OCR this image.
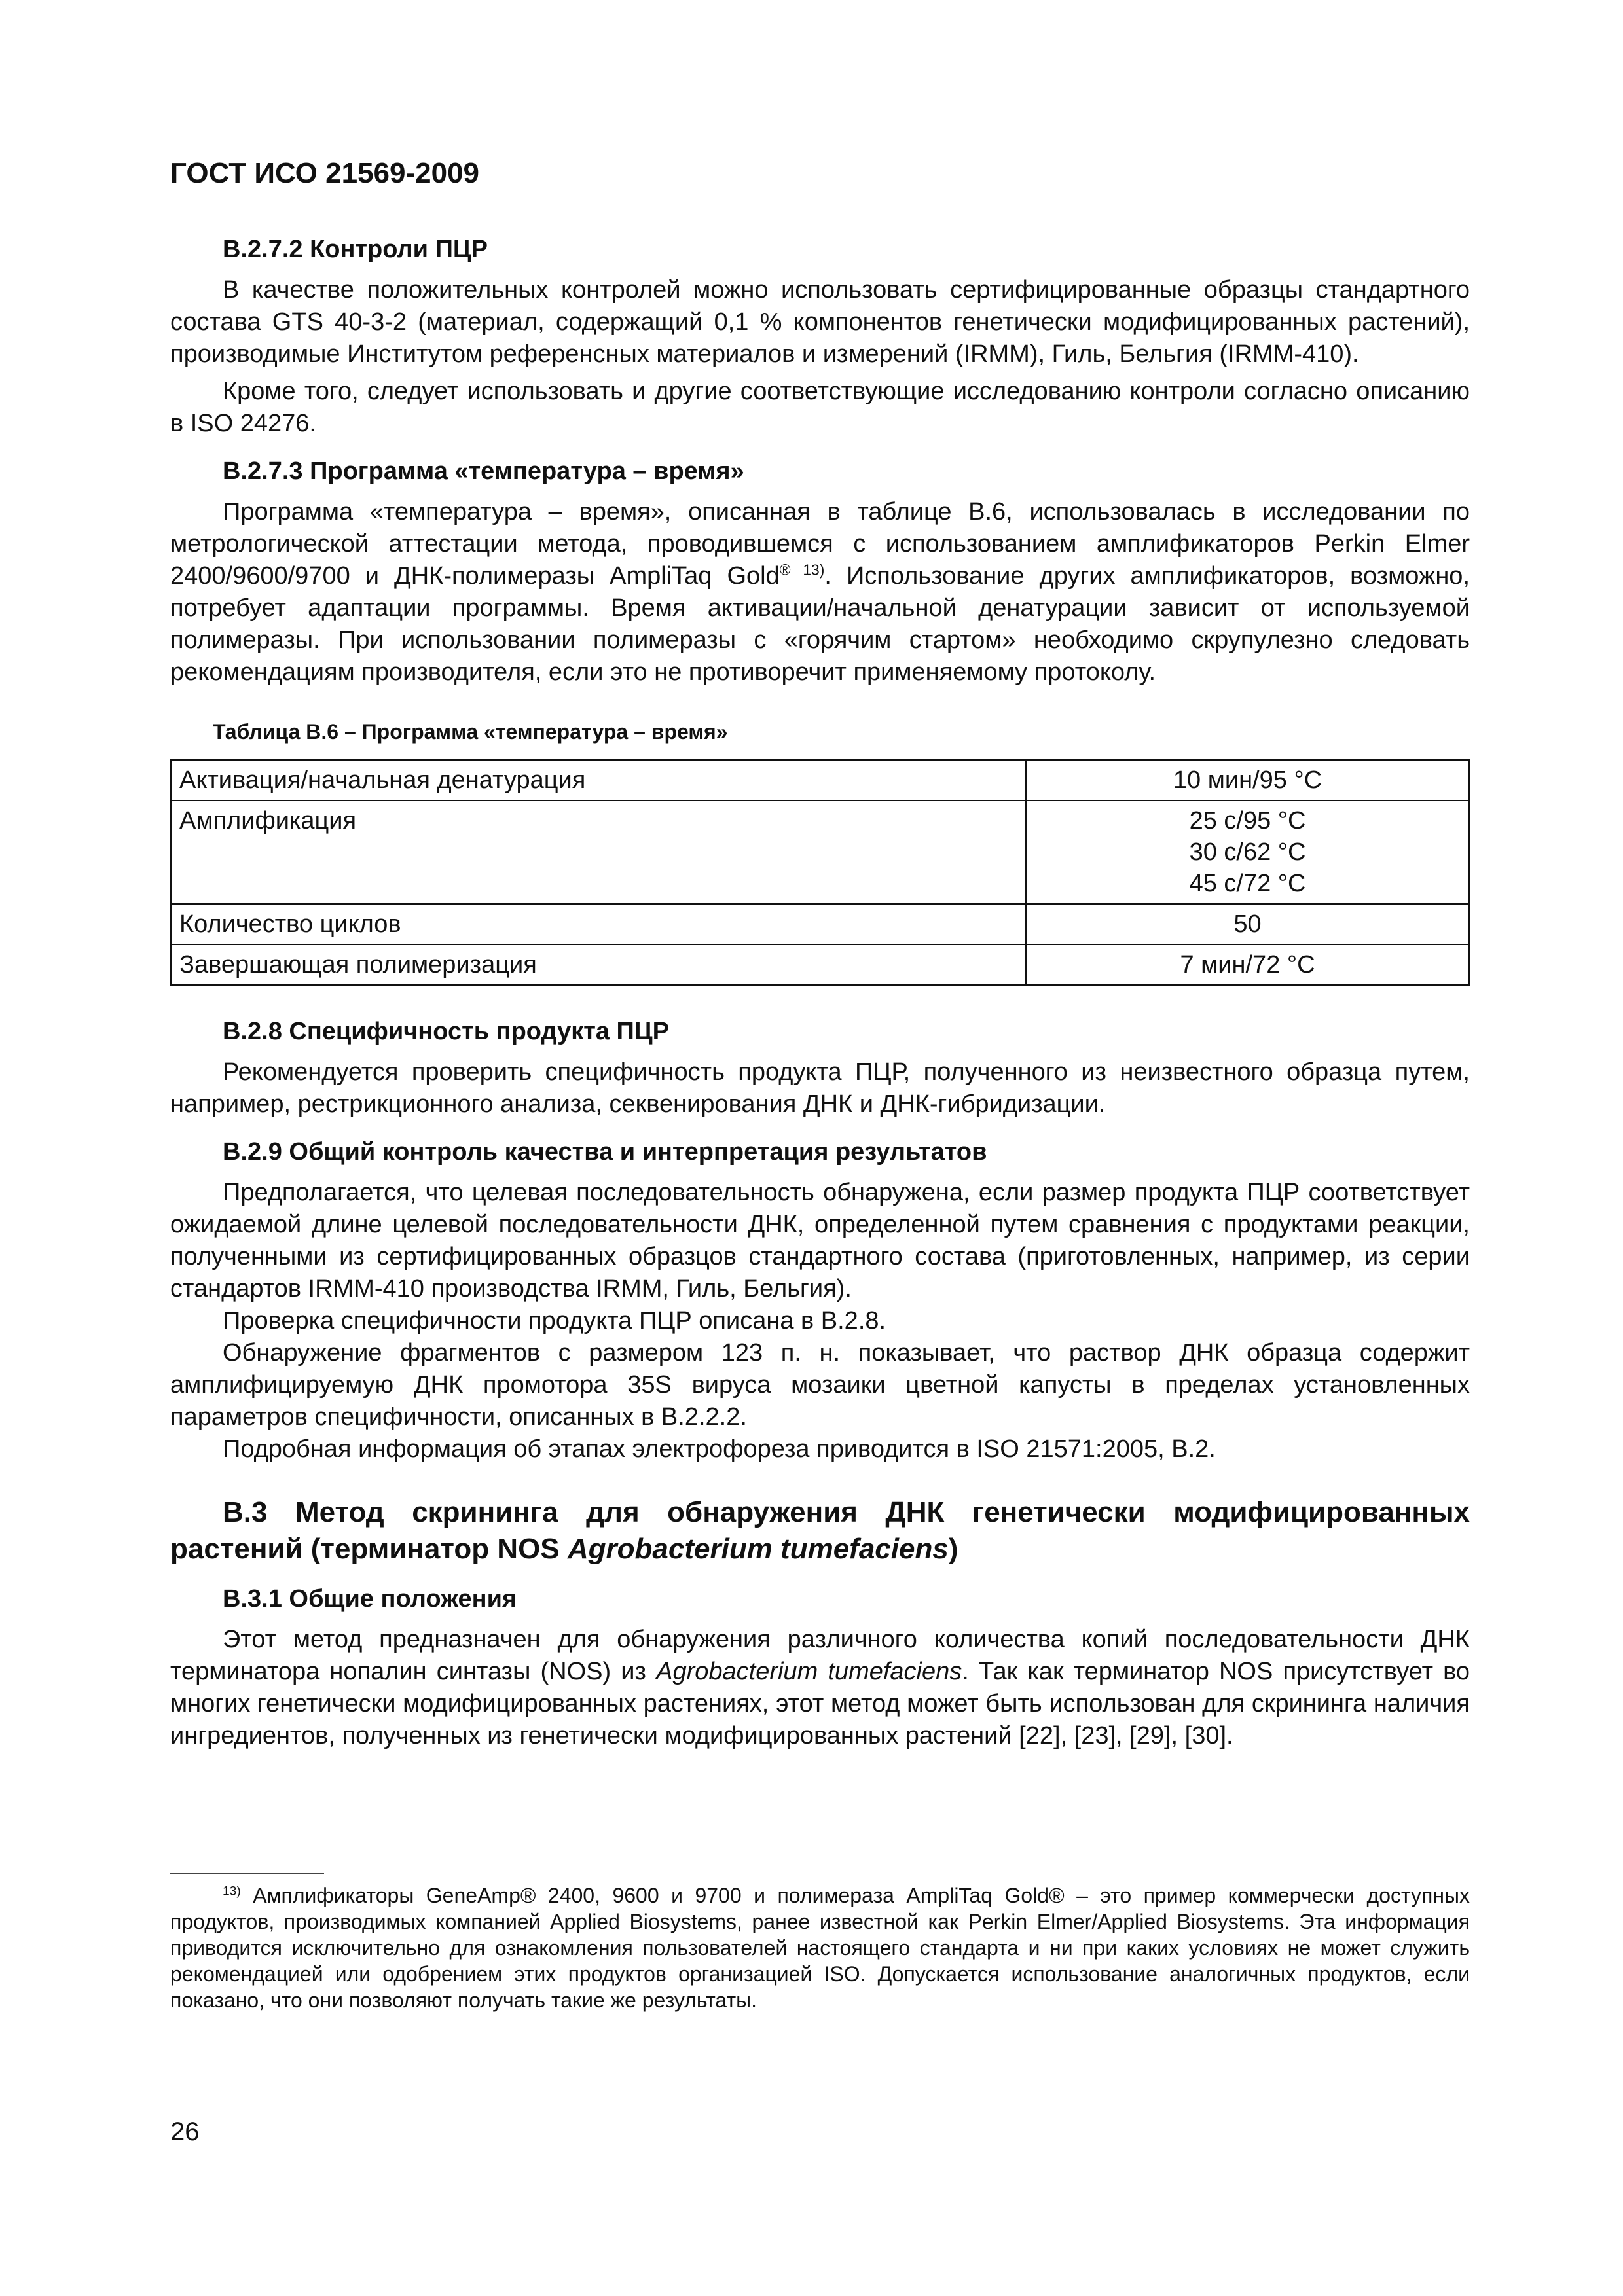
ГОСТ ИСО 21569-2009
В.2.7.2 Контроли ПЦР

В качестве положительных контролей можно использовать сертифицированные образцы стандартного состава GTS 40-3-2 (материал, содержащий 0,1 % компонентов генетически модифицированных растений), производимые Институтом референсных материалов и измерений (IRMM), Гиль, Бельгия (IRMM-410).

Кроме того, следует использовать и другие соответствующие исследованию контроли согласно описанию в ISO 24276.

В.2.7.3 Программа «температура – время»

Программа «температура – время», описанная в таблице В.6, использовалась в исследовании по метрологической аттестации метода, проводившемся с использованием амплификаторов Perkin Elmer 2400/9600/9700 и ДНК-полимеразы AmpliTaq Gold$^{® 13)}$. Использование других амплификаторов, возможно, потребует адаптации программы. Время активации/начальной денатурации зависит от используемой полимеразы. При использовании полимеразы с «горячим стартом» необходимо скрупулезно следовать рекомендациям производителя, если это не противоречит применяемому протоколу.

Таблица В.6 – Программа «температура – время»
Активация/начальная денатурация	10 мин/95 °С

Амплификация	25 с/95 °С
30 с/62 °С
45 с/72 °С

Количество циклов	50

Завершающая полимеризация	7 мин/72 °С
В.2.8 Специфичность продукта ПЦР

Рекомендуется проверить специфичность продукта ПЦР, полученного из неизвестного образца путем, например, рестрикционного анализа, секвенирования ДНК и ДНК-гибридизации.

В.2.9 Общий контроль качества и интерпретация результатов

Предполагается, что целевая последовательность обнаружена, если размер продукта ПЦР соответствует ожидаемой длине целевой последовательности ДНК, определенной путем сравнения с продуктами реакции, полученными из сертифицированных образцов стандартного состава (приготовленных, например, из серии стандартов IRMM-410 производства IRMM, Гиль, Бельгия).

Проверка специфичности продукта ПЦР описана в В.2.8.

Обнаружение фрагментов с размером 123 п. н. показывает, что раствор ДНК образца содержит амплифицируемую ДНК промотора 35S вируса мозаики цветной капусты в пределах установленных параметров специфичности, описанных в В.2.2.2.

Подробная информация об этапах электрофореза приводится в ISO 21571:2005, В.2.

В.3 Метод скрининга для обнаружения ДНК генетически модифицированных растений (терминатор NOS Agrobacterium tumefaciens)
В.3.1 Общие положения

Этот метод предназначен для обнаружения различного количества копий последовательности ДНК терминатора нопалин синтазы (NOS) из Agrobacterium tumefaciens. Так как терминатор NOS присутствует во многих генетически модифицированных растениях, этот метод может быть использован для скрининга наличия ингредиентов, полученных из генетически модифицированных растений [22], [23], [29], [30].

$^{13)}$ Амплификаторы GeneAmp® 2400, 9600 и 9700 и полимераза AmpliTaq Gold® – это пример коммерчески доступных продуктов, производимых компанией Applied Biosystems, ранее известной как Perkin Elmer/Applied Biosystems. Эта информация приводится исключительно для ознакомления пользователей настоящего стандарта и ни при каких условиях не может служить рекомендацией или одобрением этих продуктов организацией ISO. Допускается использование аналогичных продуктов, если показано, что они позволяют получать такие же результаты.

26
